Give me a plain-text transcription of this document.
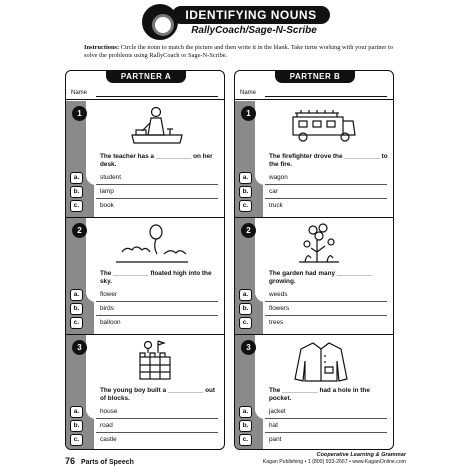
IDENTIFYING NOUNS
RallyCoach/Sage-N-Scribe
Instructions: Circle the noun to match the picture and then write it in the blank. Take turns working with your partner to solve the problems using RallyCoach or Sage-N-Scribe.
PARTNER A
Name
1
The teacher has a __________ on her desk.
a.	student
b.	lamp
c.	book
2
The __________ floated high into the sky.
a.	flower
b.	birds
c.	balloon
3
The young boy built a __________ out of blocks.
a.	house
b.	road
c.	castle
PARTNER B
Name
1
The firefighter drove the __________ to the fire.
a.	wagon
b.	car
c.	truck
2
The garden had many __________ growing.
a.	weeds
b.	flowers
c.	trees
3
The __________ had a hole in the pocket.
a.	jacket
b.	hat
c.	pant
76 Parts of Speech
Cooperative Learning & Grammar
Kagan Publishing • 1 (800) 933-2667 • www.KaganOnline.com
